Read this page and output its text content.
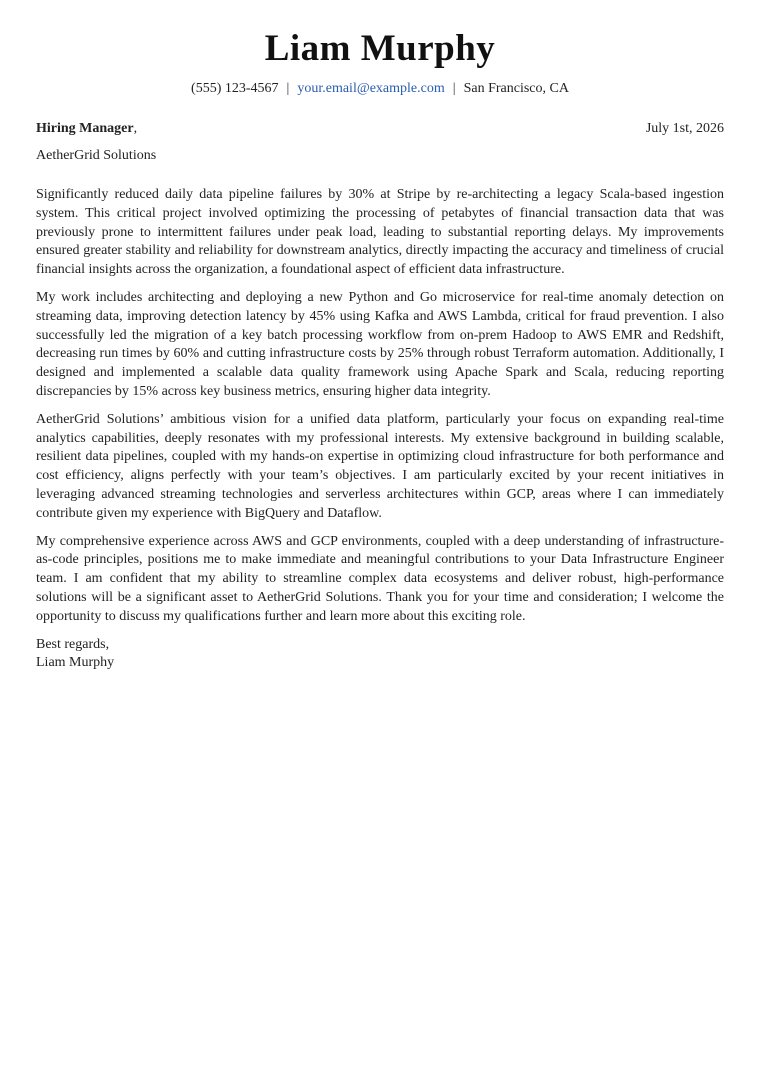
Liam Murphy
(555) 123-4567 | your.email@example.com | San Francisco, CA
Hiring Manager,	July 1st, 2026
AetherGrid Solutions

Significantly reduced daily data pipeline failures by 30% at Stripe by re-architecting a legacy Scala-based ingestion system. This critical project involved optimizing the processing of petabytes of financial transaction data that was previously prone to intermittent failures under peak load, leading to substantial reporting delays. My improvements ensured greater stability and reliability for downstream analytics, directly impacting the accuracy and timeliness of crucial financial insights across the organization, a foundational aspect of efficient data infrastructure.

My work includes architecting and deploying a new Python and Go microservice for real-time anomaly detection on streaming data, improving detection latency by 45% using Kafka and AWS Lambda, critical for fraud prevention. I also successfully led the migration of a key batch processing workflow from on-prem Hadoop to AWS EMR and Redshift, decreasing run times by 60% and cutting infrastructure costs by 25% through robust Terraform automation. Additionally, I designed and implemented a scalable data quality framework using Apache Spark and Scala, reducing reporting discrepancies by 15% across key business metrics, ensuring higher data integrity.

AetherGrid Solutions’ ambitious vision for a unified data platform, particularly your focus on expanding real-time analytics capabilities, deeply resonates with my professional interests. My extensive background in building scalable, resilient data pipelines, coupled with my hands-on expertise in optimizing cloud infrastructure for both performance and cost efficiency, aligns perfectly with your team’s objectives. I am particularly excited by your recent initiatives in leveraging advanced streaming technologies and serverless architectures within GCP, areas where I can immediately contribute given my experience with BigQuery and Dataflow.

My comprehensive experience across AWS and GCP environments, coupled with a deep understanding of infrastructure-as-code principles, positions me to make immediate and meaningful contributions to your Data Infrastructure Engineer team. I am confident that my ability to streamline complex data ecosystems and deliver robust, high-performance solutions will be a significant asset to AetherGrid Solutions. Thank you for your time and consideration; I welcome the opportunity to discuss my qualifications further and learn more about this exciting role.

Best regards,
Liam Murphy
